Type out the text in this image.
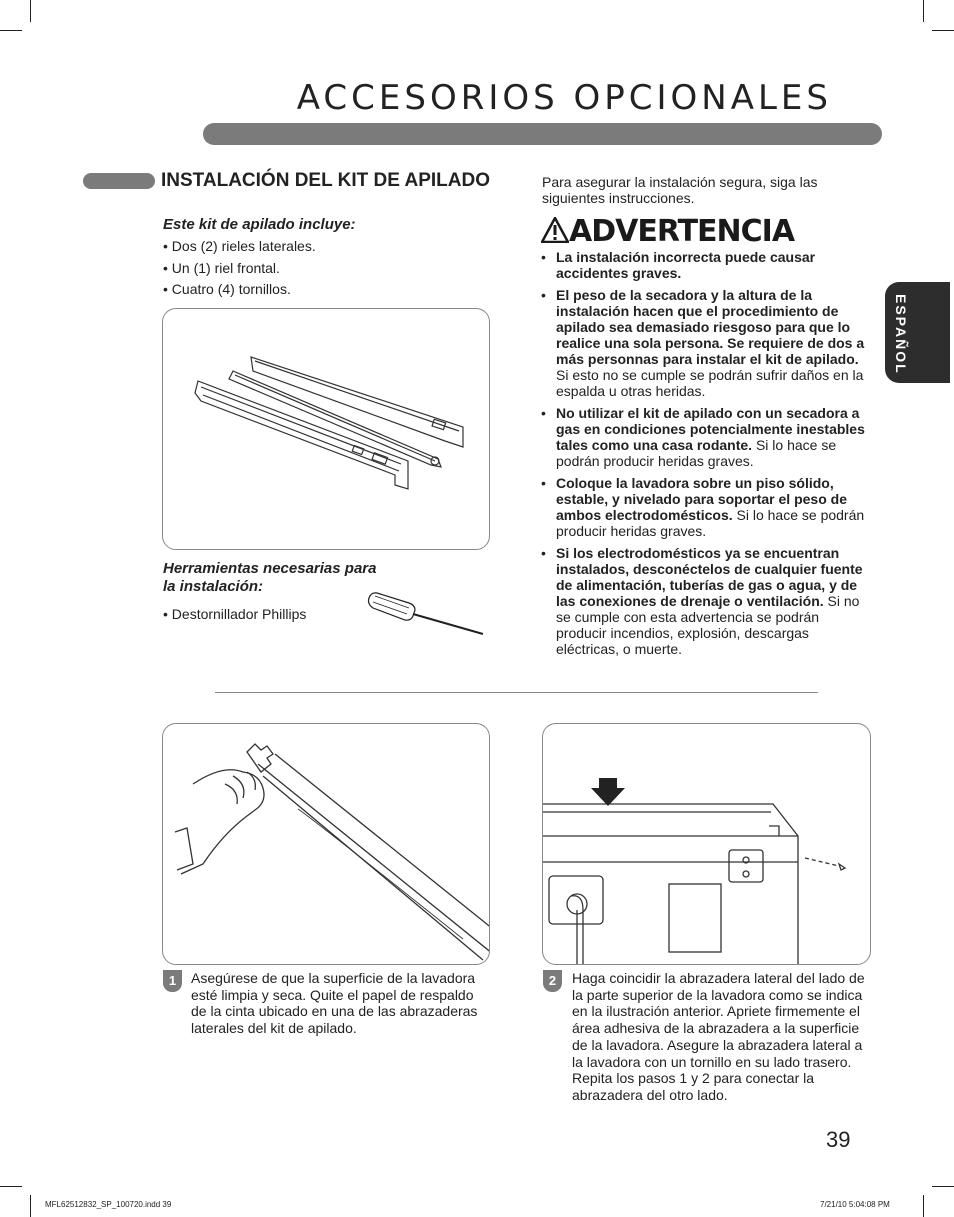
ACCESORIOS OPCIONALES
ESPAÑOL
INSTALACIÓN DEL KIT DE APILADO
Este kit de apilado incluye:
• Dos (2) rieles laterales.
• Un (1) riel frontal.
• Cuatro (4) tornillos.
Herramientas necesarias para
la instalación:
• Destornillador Phillips
Para asegurar la instalación segura, siga las siguientes instrucciones.
ADVERTENCIA
• La instalación incorrecta puede causar accidentes graves.
• El peso de la secadora y la altura de la instalación hacen que el procedimiento de apilado sea demasiado riesgoso para que lo realice una sola persona. Se requiere de dos a más personnas para instalar el kit de apilado. Si esto no se cumple se podrán sufrir daños en la espalda u otras heridas.
• No utilizar el kit de apilado con un secadora a gas en condiciones potencialmente inestables tales como una casa rodante. Si lo hace se podrán producir heridas graves.
• Coloque la lavadora sobre un piso sólido, estable, y nivelado para soportar el peso de ambos electrodomésticos. Si lo hace se podrán producir heridas graves.
• Si los electrodomésticos ya se encuentran instalados, desconéctelos de cualquier fuente de alimentación, tuberías de gas o agua, y de las conexiones de drenaje o ventilación. Si no se cumple con esta advertencia se podrán producir incendios, explosión, descargas eléctricas, o muerte.
1	Asegúrese de que la superficie de la lavadora esté limpia y seca. Quite el papel de respaldo de la cinta ubicado en una de las abrazaderas laterales del kit de apilado.
2	Haga coincidir la abrazadera lateral del lado de la parte superior de la lavadora como se indica en la ilustración anterior. Apriete firmemente el área adhesiva de la abrazadera a la superficie de la lavadora. Asegure la abrazadera lateral a la lavadora con un tornillo en su lado trasero. Repita los pasos 1 y 2 para conectar la abrazadera del otro lado.
39
MFL62512832_SP_100720.indd 39	7/21/10 5:04:08 PM
